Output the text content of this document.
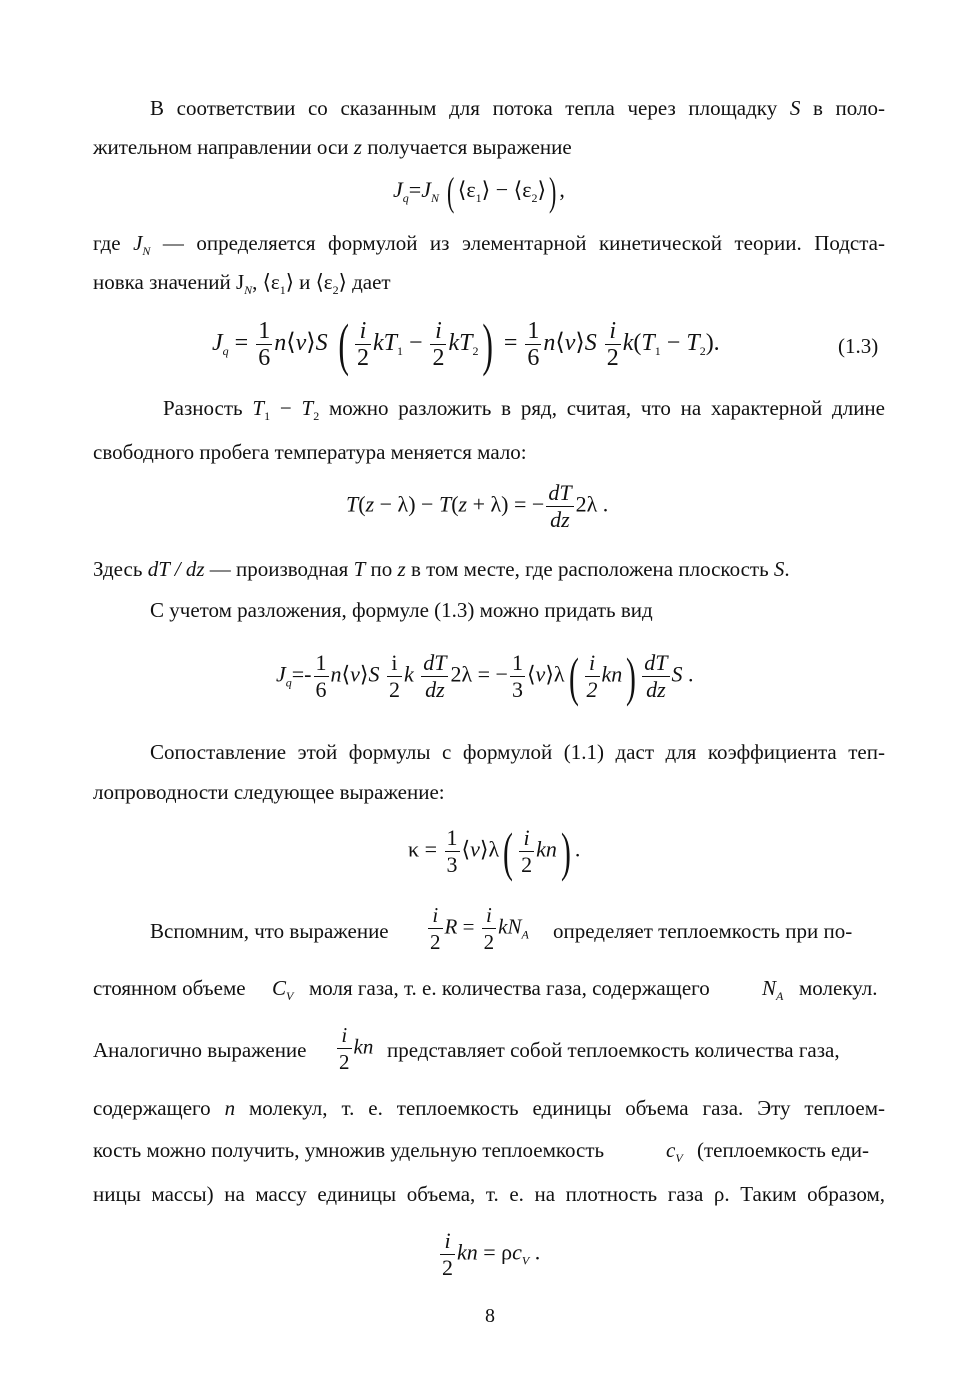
В соответствии со сказанным для потока тепла через площадку S в поло-
жительном направлении оси z получается выражение
$J_q=J_N$ ( $⟨\varepsilon_1⟩$ − $⟨\varepsilon_2⟩$) ,
где $J_N$ — определяется формулой из элементарной кинетической теории. Подста-
новка значений $J_N$, $⟨\varepsilon_1⟩$ и $⟨\varepsilon_2⟩$ дает
$J_q = \frac{1}{6}$ n⟨v⟩S ( $\frac{i}{2} kT_1 - \frac{i}{2} kT_2) = \frac{1}{6}$ n⟨v⟩S $\frac{i}{2} k(T_1 - T_2)$.	(1.3)
Разность $T_1 - T_2$ можно разложить в ряд, считая, что на характерной длине
свободного пробега температура меняется мало:
T(z − λ) − T(z + λ) = − $\frac{dT}{dz} 2\lambda$ .
Здесь dT / dz — производная T по z в том месте, где расположена плоскость S.
С учетом разложения, формуле (1.3) можно придать вид
$J_q=- \frac{1}{6}$ n⟨v⟩S $\frac{i}{2}$ k $\frac{dT}{dz} 2\lambda$ = − $\frac{1}{3}$ ⟨v⟩λ( $\frac{i}{2} kn) \frac{dT}{dz}$ S .
Сопоставление этой формулы с формулой (1.1) даст для коэффициента теп-
лопроводности следующее выражение:
$\kappa = \frac{1}{3}$ ⟨v⟩λ( $\frac{i}{2} kn$) .
Вспомним, что выражение $\frac{i}{2}$ $R = \frac{i}{2} kN_A$ определяет теплоемкость при по-
стоянном объеме $C_V$ моля газа, т. е. количества газа, содержащего $N_A$ молекул.
Аналогично выражение $\frac{i}{2}$ kn представляет собой теплоемкость количества газа,
содержащего n молекул, т. е. теплоемкость единицы объема газа. Эту теплоем-
кость можно получить, умножив удельную теплоемкость	$c_V$ (теплоемкость еди-
ницы массы) на массу единицы объема, т. е. на плотность газа ρ. Таким образом,
$\frac{i}{2}$ kn = $\rho c_V$ .
8
